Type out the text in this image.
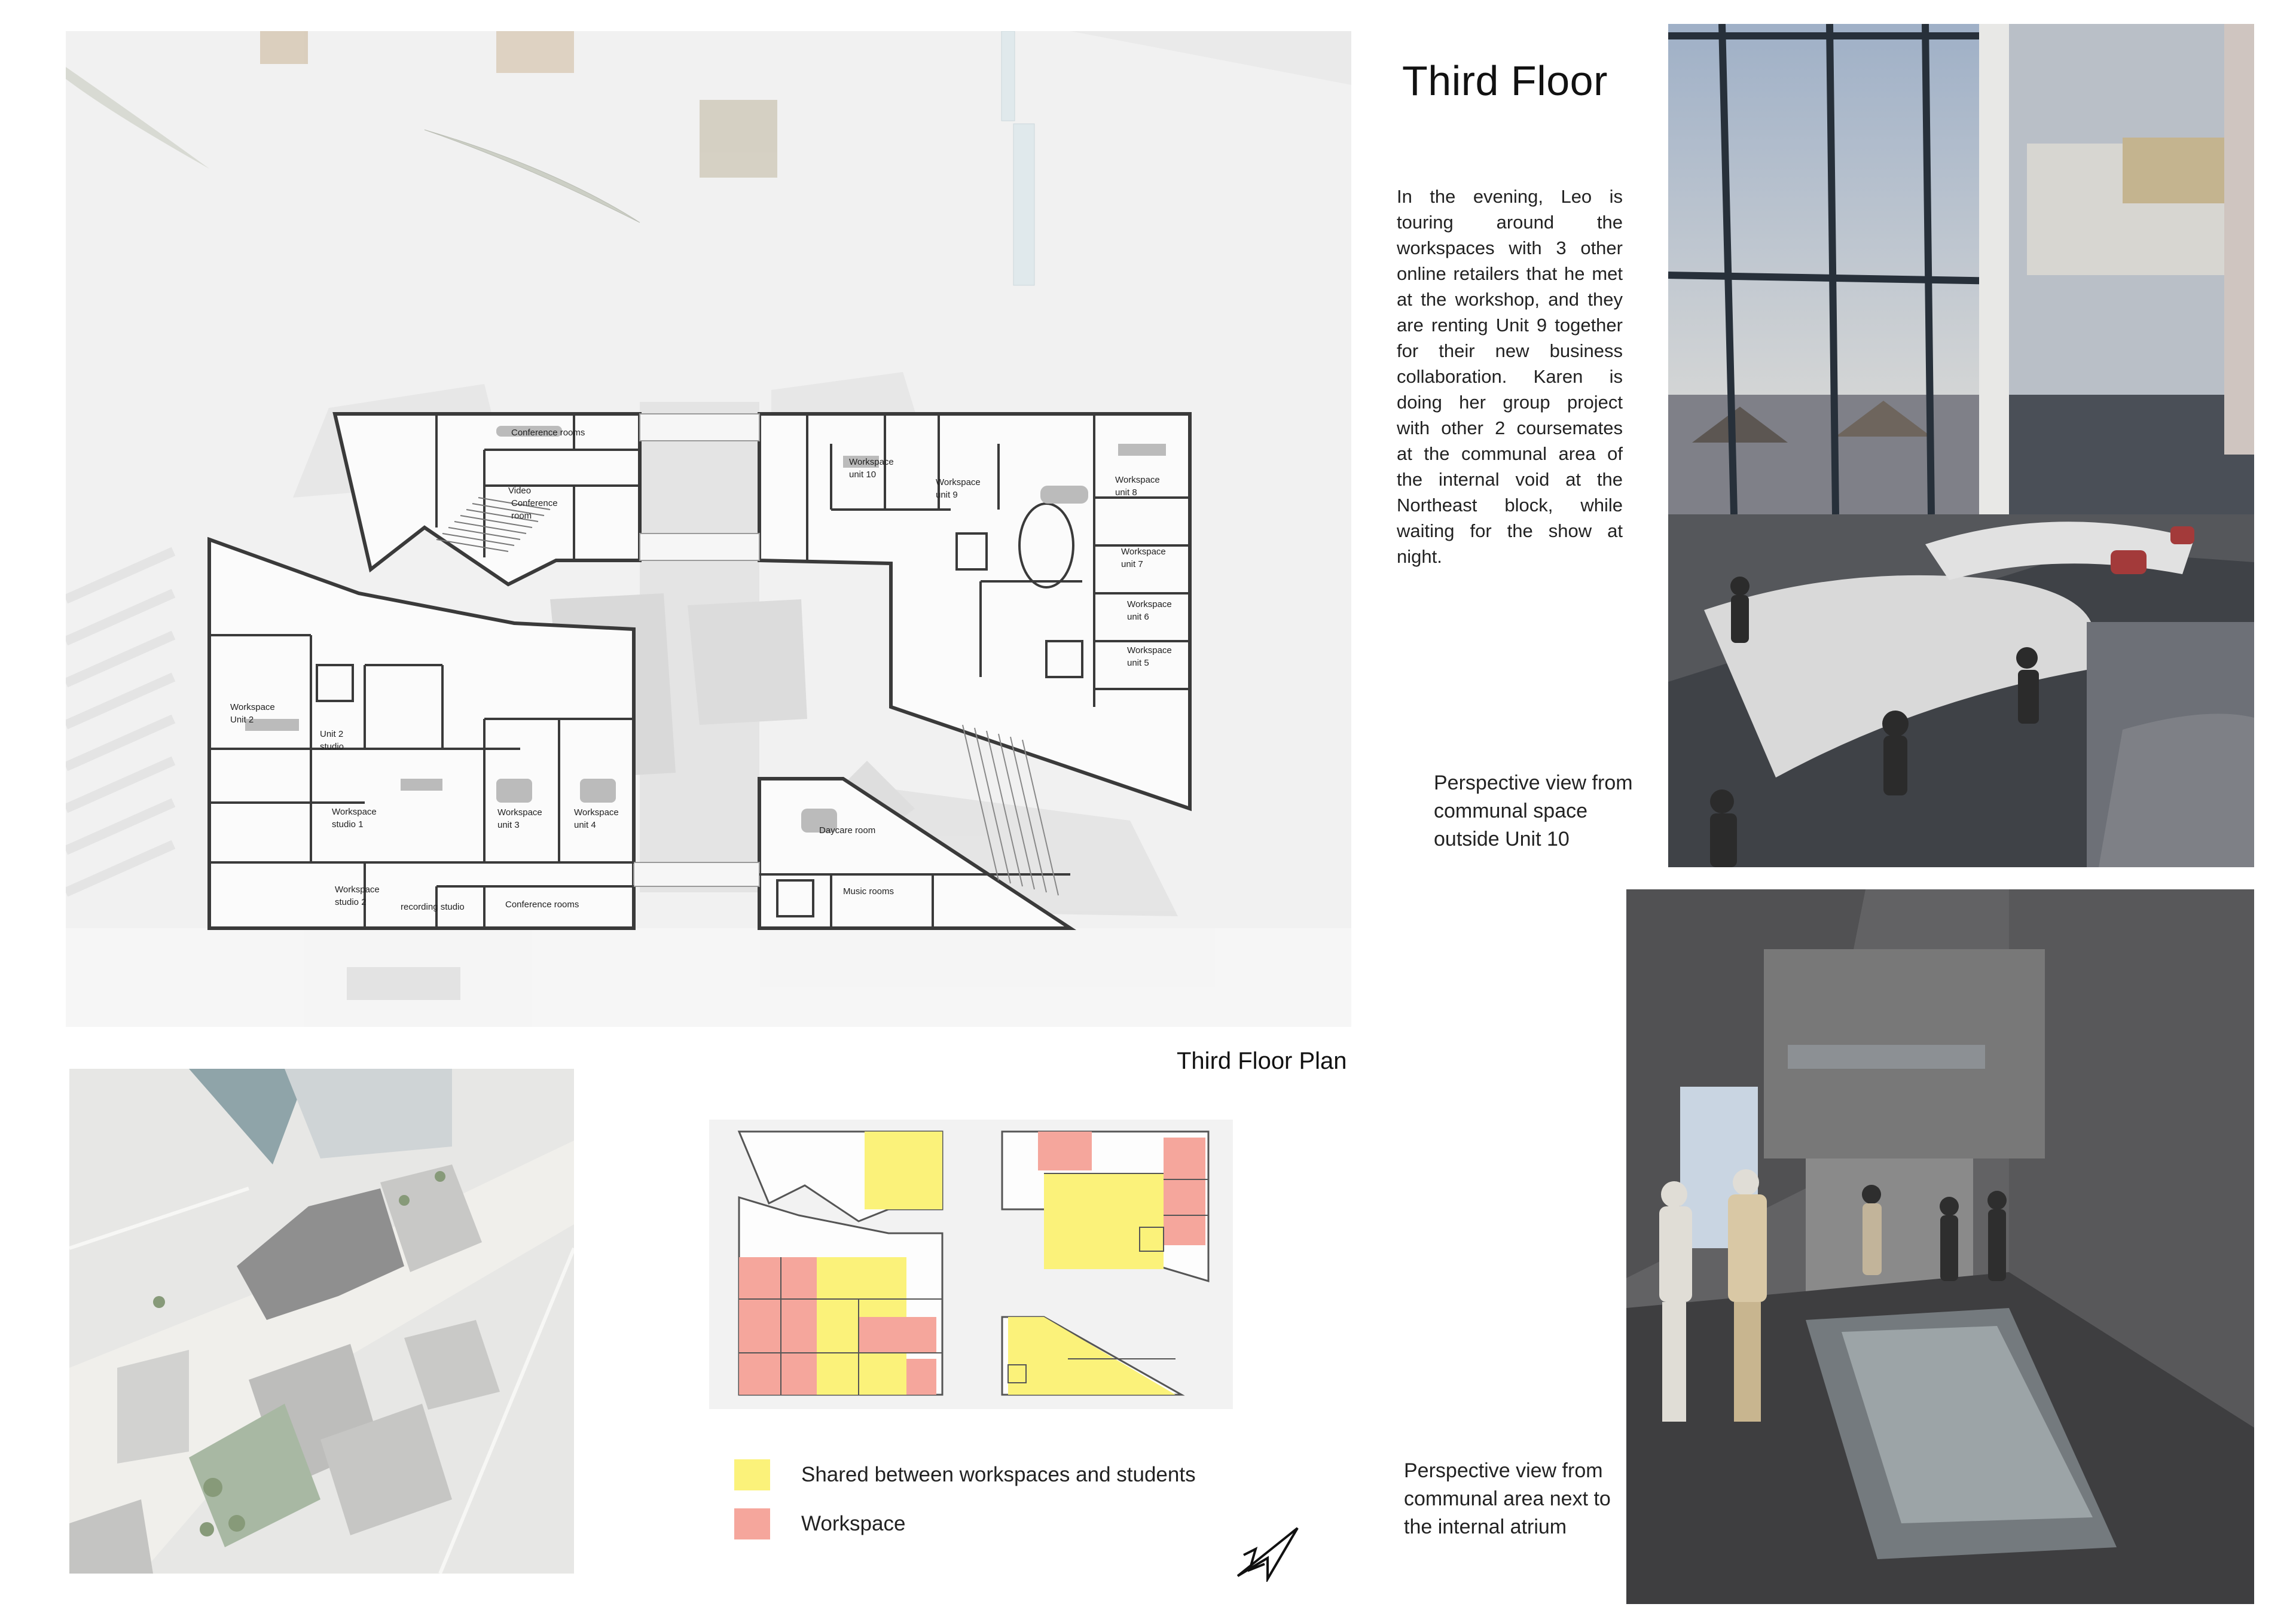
Conference rooms
Video
Conference
room
Workspace
unit 10
Workspace
unit 9
Workspace
unit 8
Workspace
unit 7
Workspace
unit 6
Workspace
unit 5
Workspace
Unit 2
Unit 2
studio
Workspace
studio 1
Workspace
unit 3
Workspace
unit 4
Daycare room
Workspace
studio 2	recording studio	Conference rooms
Music rooms
Third Floor Plan
Third Floor
In the evening, Leo is touring around the workspaces with 3 other online retailers that he met at the workshop, and they are renting Unit 9 together for their new business collaboration. Karen is doing her group project with other 2 coursemates at the communal area of the internal void at the Northeast block, while waiting for the show at night.
Perspective view from communal space outside Unit 10
Perspective view from communal area next to the internal atrium
Shared between workspaces and students
Workspace
